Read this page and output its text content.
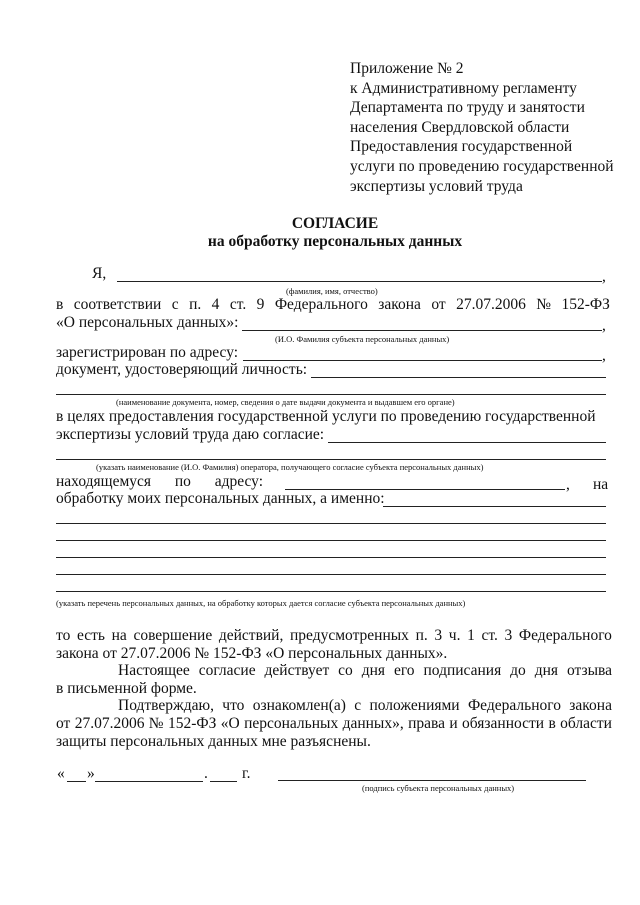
Приложение № 2
к Административному регламенту
Департамента по труду и занятости
населения Свердловской области
Предоставления государственной
услуги по проведению государственной
экспертизы условий труда
СОГЛАСИЕ
на обработку персональных данных
Я,	,
(фамилия, имя, отчество)
в соответствии с п. 4 ст. 9 Федерального закона от 27.07.2006 № 152-ФЗ
«О персональных данных»:	,
(И.О. Фамилия субъекта персональных данных)
зарегистрирован по адресу:	,
документ, удостоверяющий личность:
(наименование документа, номер, сведения о дате выдачи документа и выдавшем его органе)
в целях предоставления государственной услуги по проведению государственной
экспертизы условий труда даю согласие:
(указать наименование (И.О. Фамилия) оператора, получающего согласие субъекта персональных данных)
находящемуся по адресу:	, на
обработку моих персональных данных, а именно:
(указать перечень персональных данных, на обработку которых дается согласие субъекта персональных данных)
то есть на совершение действий, предусмотренных п. 3 ч. 1 ст. 3 Федерального
закона от 27.07.2006 № 152-ФЗ «О персональных данных».
Настоящее согласие действует со дня его подписания до дня отзыва
в письменной форме.
Подтверждаю, что ознакомлен(а) с положениями Федерального закона
от 27.07.2006 № 152-ФЗ «О персональных данных», права и обязанности в области
защиты персональных данных мне разъяснены.
« »	. г.
(подпись субъекта персональных данных)
